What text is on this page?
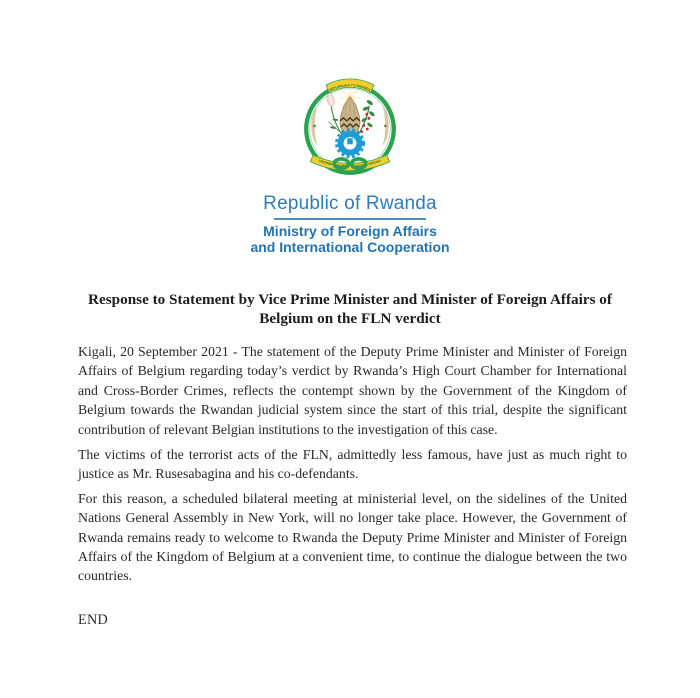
UBUMWE - UMURIMO - GUKUNDA IGIHUGU
REPUBULIKA Y'U RWANDA
Republic of Rwanda
Ministry of Foreign Affairs
and International Cooperation
Response to Statement by Vice Prime Minister and Minister of Foreign Affairs of Belgium on the FLN verdict

Kigali, 20 September 2021 - The statement of the Deputy Prime Minister and Minister of Foreign Affairs of Belgium regarding today’s verdict by Rwanda’s High Court Chamber for International and Cross-Border Crimes, reflects the contempt shown by the Government of the Kingdom of Belgium towards the Rwandan judicial system since the start of this trial, despite the significant contribution of relevant Belgian institutions to the investigation of this case.

The victims of the terrorist acts of the FLN, admittedly less famous, have just as much right to justice as Mr. Rusesabagina and his co-defendants.

For this reason, a scheduled bilateral meeting at ministerial level, on the sidelines of the United Nations General Assembly in New York, will no longer take place. However, the Government of Rwanda remains ready to welcome to Rwanda the Deputy Prime Minister and Minister of Foreign Affairs of the Kingdom of Belgium at a convenient time, to continue the dialogue between the two countries.

END
